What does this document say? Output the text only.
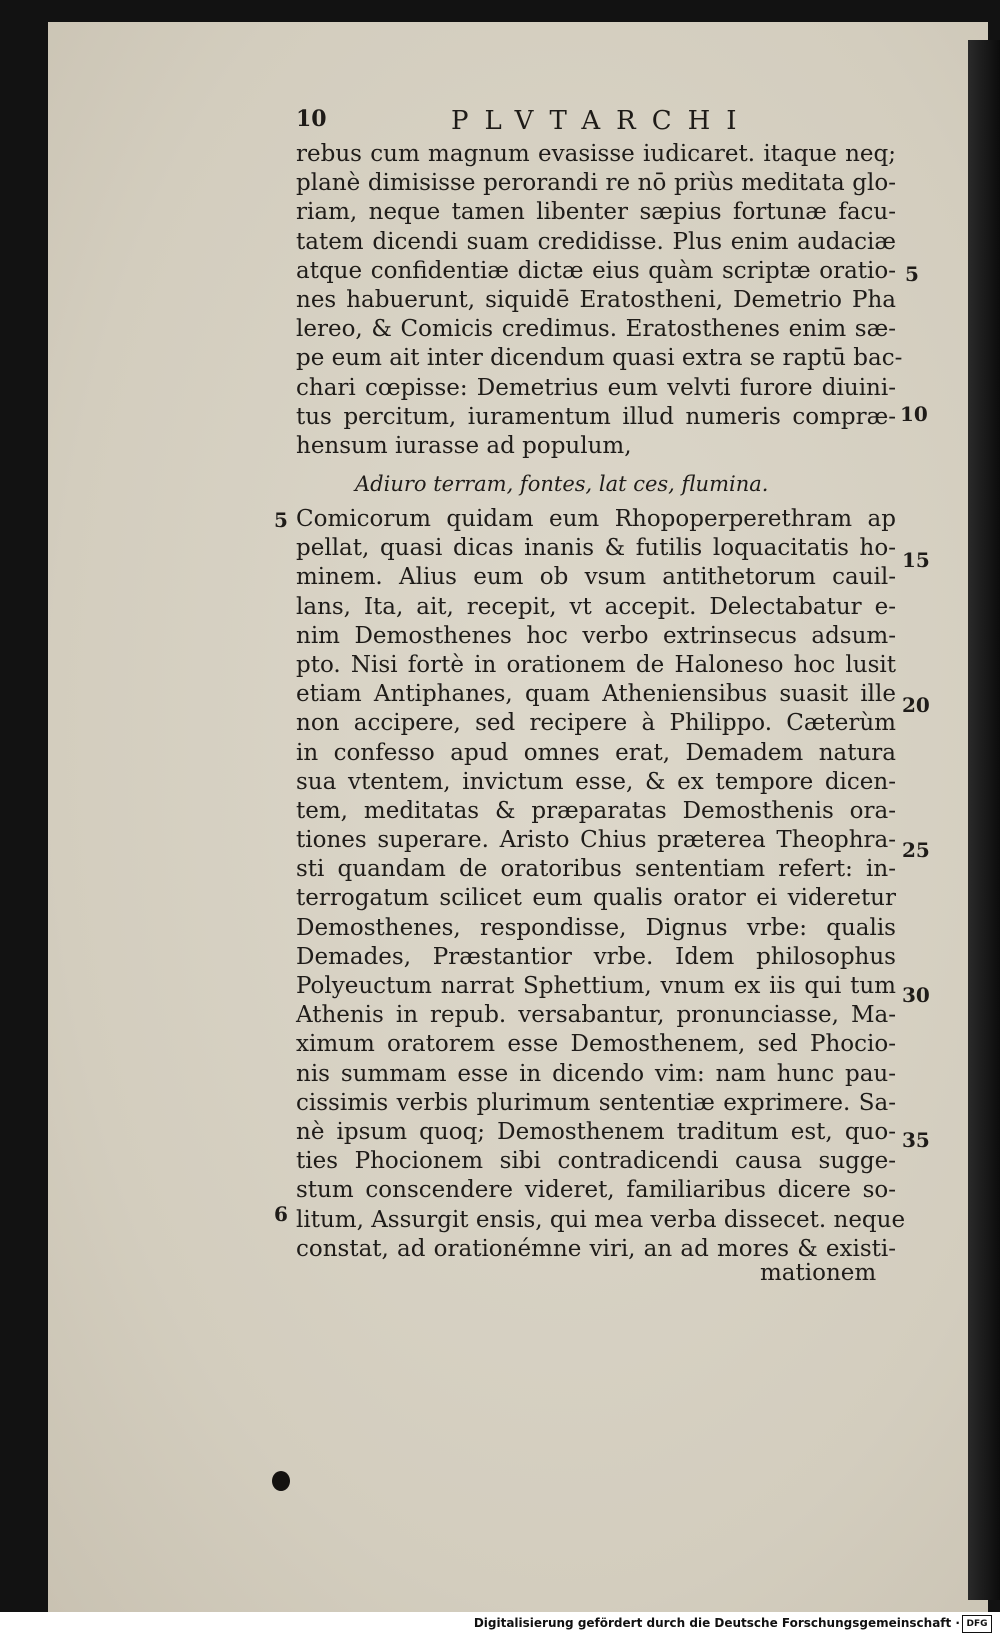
10	PLVTARCHI
rebus cum magnum evasisse iudicaret. itaque neq;
planè dimisisse perorandi re nō priùs meditata glo-
riam, neque tamen libenter sæpius fortunæ facu-
tatem dicendi suam credidisse. Plus enim audaciæ
atque confidentiæ dictæ eius quàm scriptæ oratio-
nes habuerunt, siquidē Eratostheni, Demetrio Pha
lereo, & Comicis credimus. Eratosthenes enim sæ-
pe eum ait inter dicendum quasi extra se raptū bac-
chari cœpisse: Demetrius eum velvti furore diuini-
tus percitum, iuramentum illud numeris compræ-
hensum iurasse ad populum,
Adiuro terram, fontes, lat ces, flumina.
Comicorum quidam eum Rhopoperperethram ap
pellat, quasi dicas inanis & futilis loquacitatis ho-
minem. Alius eum ob vsum antithetorum cauil-
lans, Ita, ait, recepit, vt accepit. Delectabatur e-
nim Demosthenes hoc verbo extrinsecus adsum-
pto. Nisi fortè in orationem de Halonesо hoc lusit
etiam Antiphanes, quam Atheniensibus suasit ille
non accipere, sed recipere à Philippo. Cæterùm
in confesso apud omnes erat, Demadem natura
sua vtentem, invictum esse, & ex tempore dicen-
tem, meditatas & præparatas Demosthenis ora-
tiones superare. Aristo Chius præterea Theophra-
sti quandam de oratoribus sententiam refert: in-
terrogatum scilicet eum qualis orator ei videretur
Demosthenes, respondisse, Dignus vrbe: qualis
Demades, Præstantior vrbe. Idem philosophus
Polyeuctum narrat Sphettium, vnum ex iis qui tum
Athenis in repub. versabantur, pronunciasse, Ma-
ximum oratorem esse Demosthenem, sed Phocio-
nis summam esse in dicendo vim: nam hunc pau-
cissimis verbis plurimum sententiæ exprimere. Sa-
nè ipsum quoq; Demosthenem traditum est, quo-
ties Phocionem sibi contradicendi causa sugge-
stum conscendere videret, familiaribus dicere so-
litum, Assurgit ensis, qui mea verba dissecet. neque
constat, ad orationémne viri, an ad mores & existi-
mationem
5
10
15
20
25
30
35
5
6
Digitalisierung gefördert durch die Deutsche Forschungsgemeinschaft · DFG
